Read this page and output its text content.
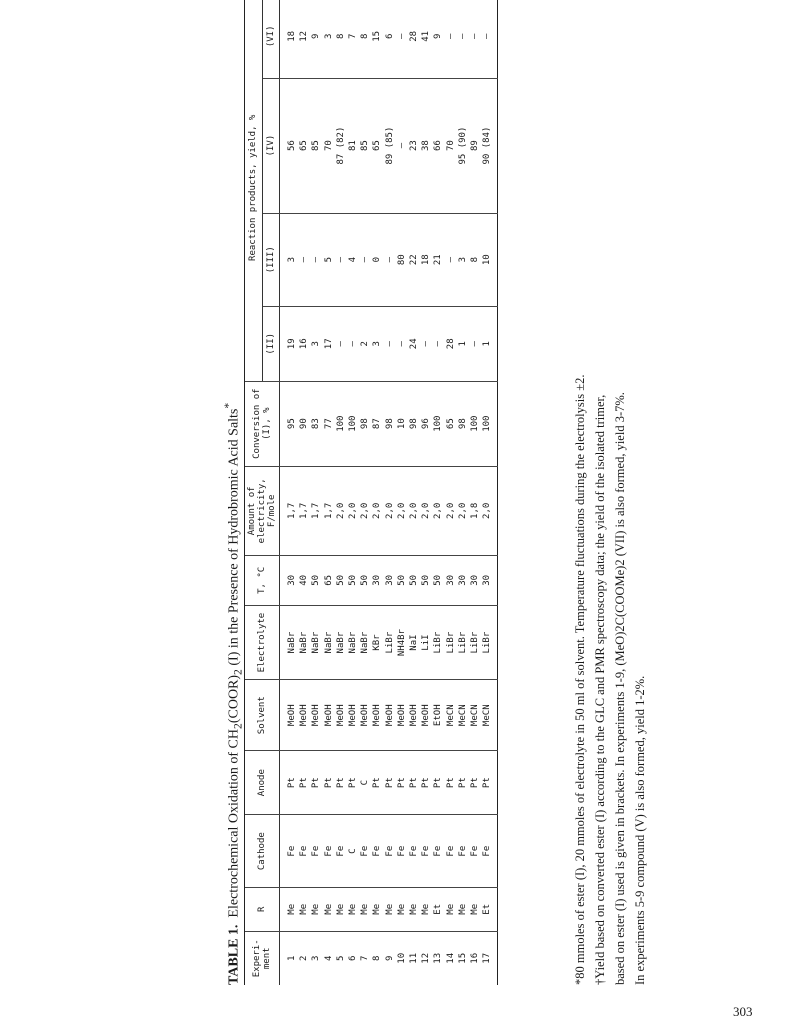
TABLE 1.  Electrochemical Oxidation of $CH_2(COOR)_2$ (I) in the Presence of Hydrobromic Acid Salts*
Experi-ment	R	Cathode	Anode	Solvent	Electrolyte	T, °C	Amount of electricity, F/mole	Conversion of (I), %	Reaction products, yield, %			
									(II)	(III)	(IV)	(VI)
1	Me	Fe	Pt	MeOH	NaBr	30	1,7	95	19	3	56	18
2	Me	Fe	Pt	MeOH	NaBr	40	1,7	90	16	—	65	12
3	Me	Fe	Pt	MeOH	NaBr	50	1,7	83	3	—	85	9
4	Me	Fe	Pt	MeOH	NaBr	65	1,7	77	17	5	70	3
5	Me	Fe	Pt	MeOH	NaBr	50	2,0	100	—	—	87 (82)	8
6	Me	C	Pt	MeOH	NaBr	50	2,0	100	—	4	81	7
7	Me	Fe	C	MeOH	NaBr	50	2,0	98	2	—	85	8
8	Me	Fe	Pt	MeOH	KBr	30	2,0	87	3	0	65	15
9	Me	Fe	Pt	MeOH	LiBr	30	2,0	98	—	—	89 (85)	6
10	Me	Fe	Pt	MeOH	NH4Br	50	2,0	10	—	80	—	—
11	Me	Fe	Pt	MeOH	NaI	50	2,0	98	24	22	23	28
12	Me	Fe	Pt	MeOH	LiI	50	2,0	96	—	18	38	41
13	Et	Fe	Pt	EtOH	LiBr	50	2,0	100	—	21	66	9
14	Me	Fe	Pt	MeCN	LiBr	30	2,0	65	28	—	70	—
15	Me	Fe	Pt	MeCN	LiBr	30	2,0	98	1	3	95 (90)	—
16	Me	Fe	Pt	MeCN	LiBr	30	1,8	100	—	8	89	—
17	Et	Fe	Pt	MeCN	LiBr	30	2,0	100	1	10	90 (84)	—
*80 mmoles of ester (I), 20 mmoles of electrolyte in 50 ml of solvent. Temperature fluctuations during the electrolysis ±2. †Yield based on converted ester (I) according to the GLC and PMR spectroscopy data; the yield of the isolated trimer, based on ester (I) used is given in brackets. In experiments 1-9, (MeO)2C(COOMe)2 (VII) is also formed, yield 3-7%. In experiments 5-9 compound (V) is also formed, yield 1-2%.
303
